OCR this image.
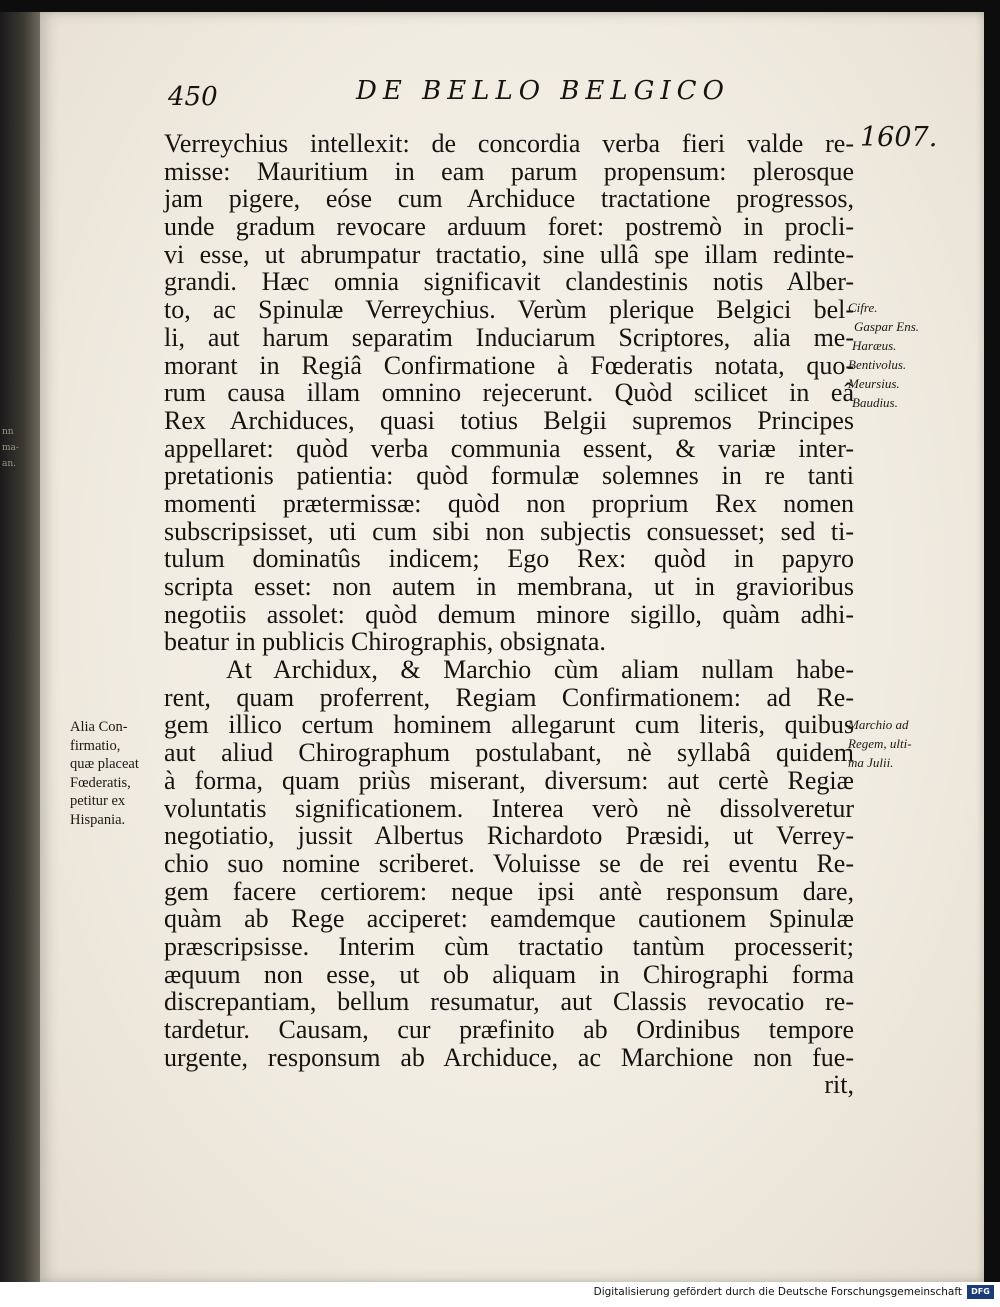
nn
ma-
an.
450	DE BELLO BELGICO
1607.
Verreychius intellexit: de concordia verba fieri valde re-
misse: Mauritium in eam parum propensum: plerosque
jam pigere, eóse cum Archiduce tractatione progressos,
unde gradum revocare arduum foret: postremò in procli-
vi esse, ut abrumpatur tractatio, sine ullâ spe illam redinte-
grandi. Hæc omnia significavit clandestinis notis Alber-
to, ac Spinulæ Verreychius. Verùm plerique Belgici bel-
li, aut harum separatim Induciarum Scriptores, alia me-
morant in Regiâ Confirmatione à Fœderatis notata, quo-
rum causa illam omnino rejecerunt. Quòd scilicet in eâ
Rex Archiduces, quasi totius Belgii supremos Principes
appellaret: quòd verba communia essent, & variæ inter-
pretationis patientia: quòd formulæ solemnes in re tanti
momenti prætermissæ: quòd non proprium Rex nomen
subscripsisset, uti cum sibi non subjectis consuesset; sed ti-
tulum dominatûs indicem; Ego Rex: quòd in papyro
scripta esset: non autem in membrana, ut in gravioribus
negotiis assolet: quòd demum minore sigillo, quàm adhi-
beatur in publicis Chirographis, obsignata.
At Archidux, & Marchio cùm aliam nullam habe-
rent, quam proferrent, Regiam Confirmationem: ad Re-
gem illico certum hominem allegarunt cum literis, quibus
aut aliud Chirographum postulabant, nè syllabâ quidem
à forma, quam priùs miserant, diversum: aut certè Regiæ
voluntatis significationem. Interea verò nè dissolveretur
negotiatio, jussit Albertus Richardoto Præsidi, ut Verrey-
chio suo nomine scriberet. Voluisse se de rei eventu Re-
gem facere certiorem: neque ipsi antè responsum dare,
quàm ab Rege acciperet: eamdemque cautionem Spinulæ
præscripsisse. Interim cùm tractatio tantùm processerit;
æquum non esse, ut ob aliquam in Chirographi forma
discrepantiam, bellum resumatur, aut Classis revocatio re-
tardetur. Causam, cur præfinito ab Ordinibus tempore
urgente, responsum ab Archiduce, ac Marchione non fue-
rit,
Cifre.
Gaspar Ens.
Haræus.
Bentivolus.
Meursius.
Baudius.
Marchio ad
Regem, ulti-
ma Julii.
Alia Con-
firmatio,
quæ placeat
Fœderatis,
petitur ex
Hispania.
Digitalisierung gefördert durch die Deutsche Forschungsgemeinschaft	DFG
